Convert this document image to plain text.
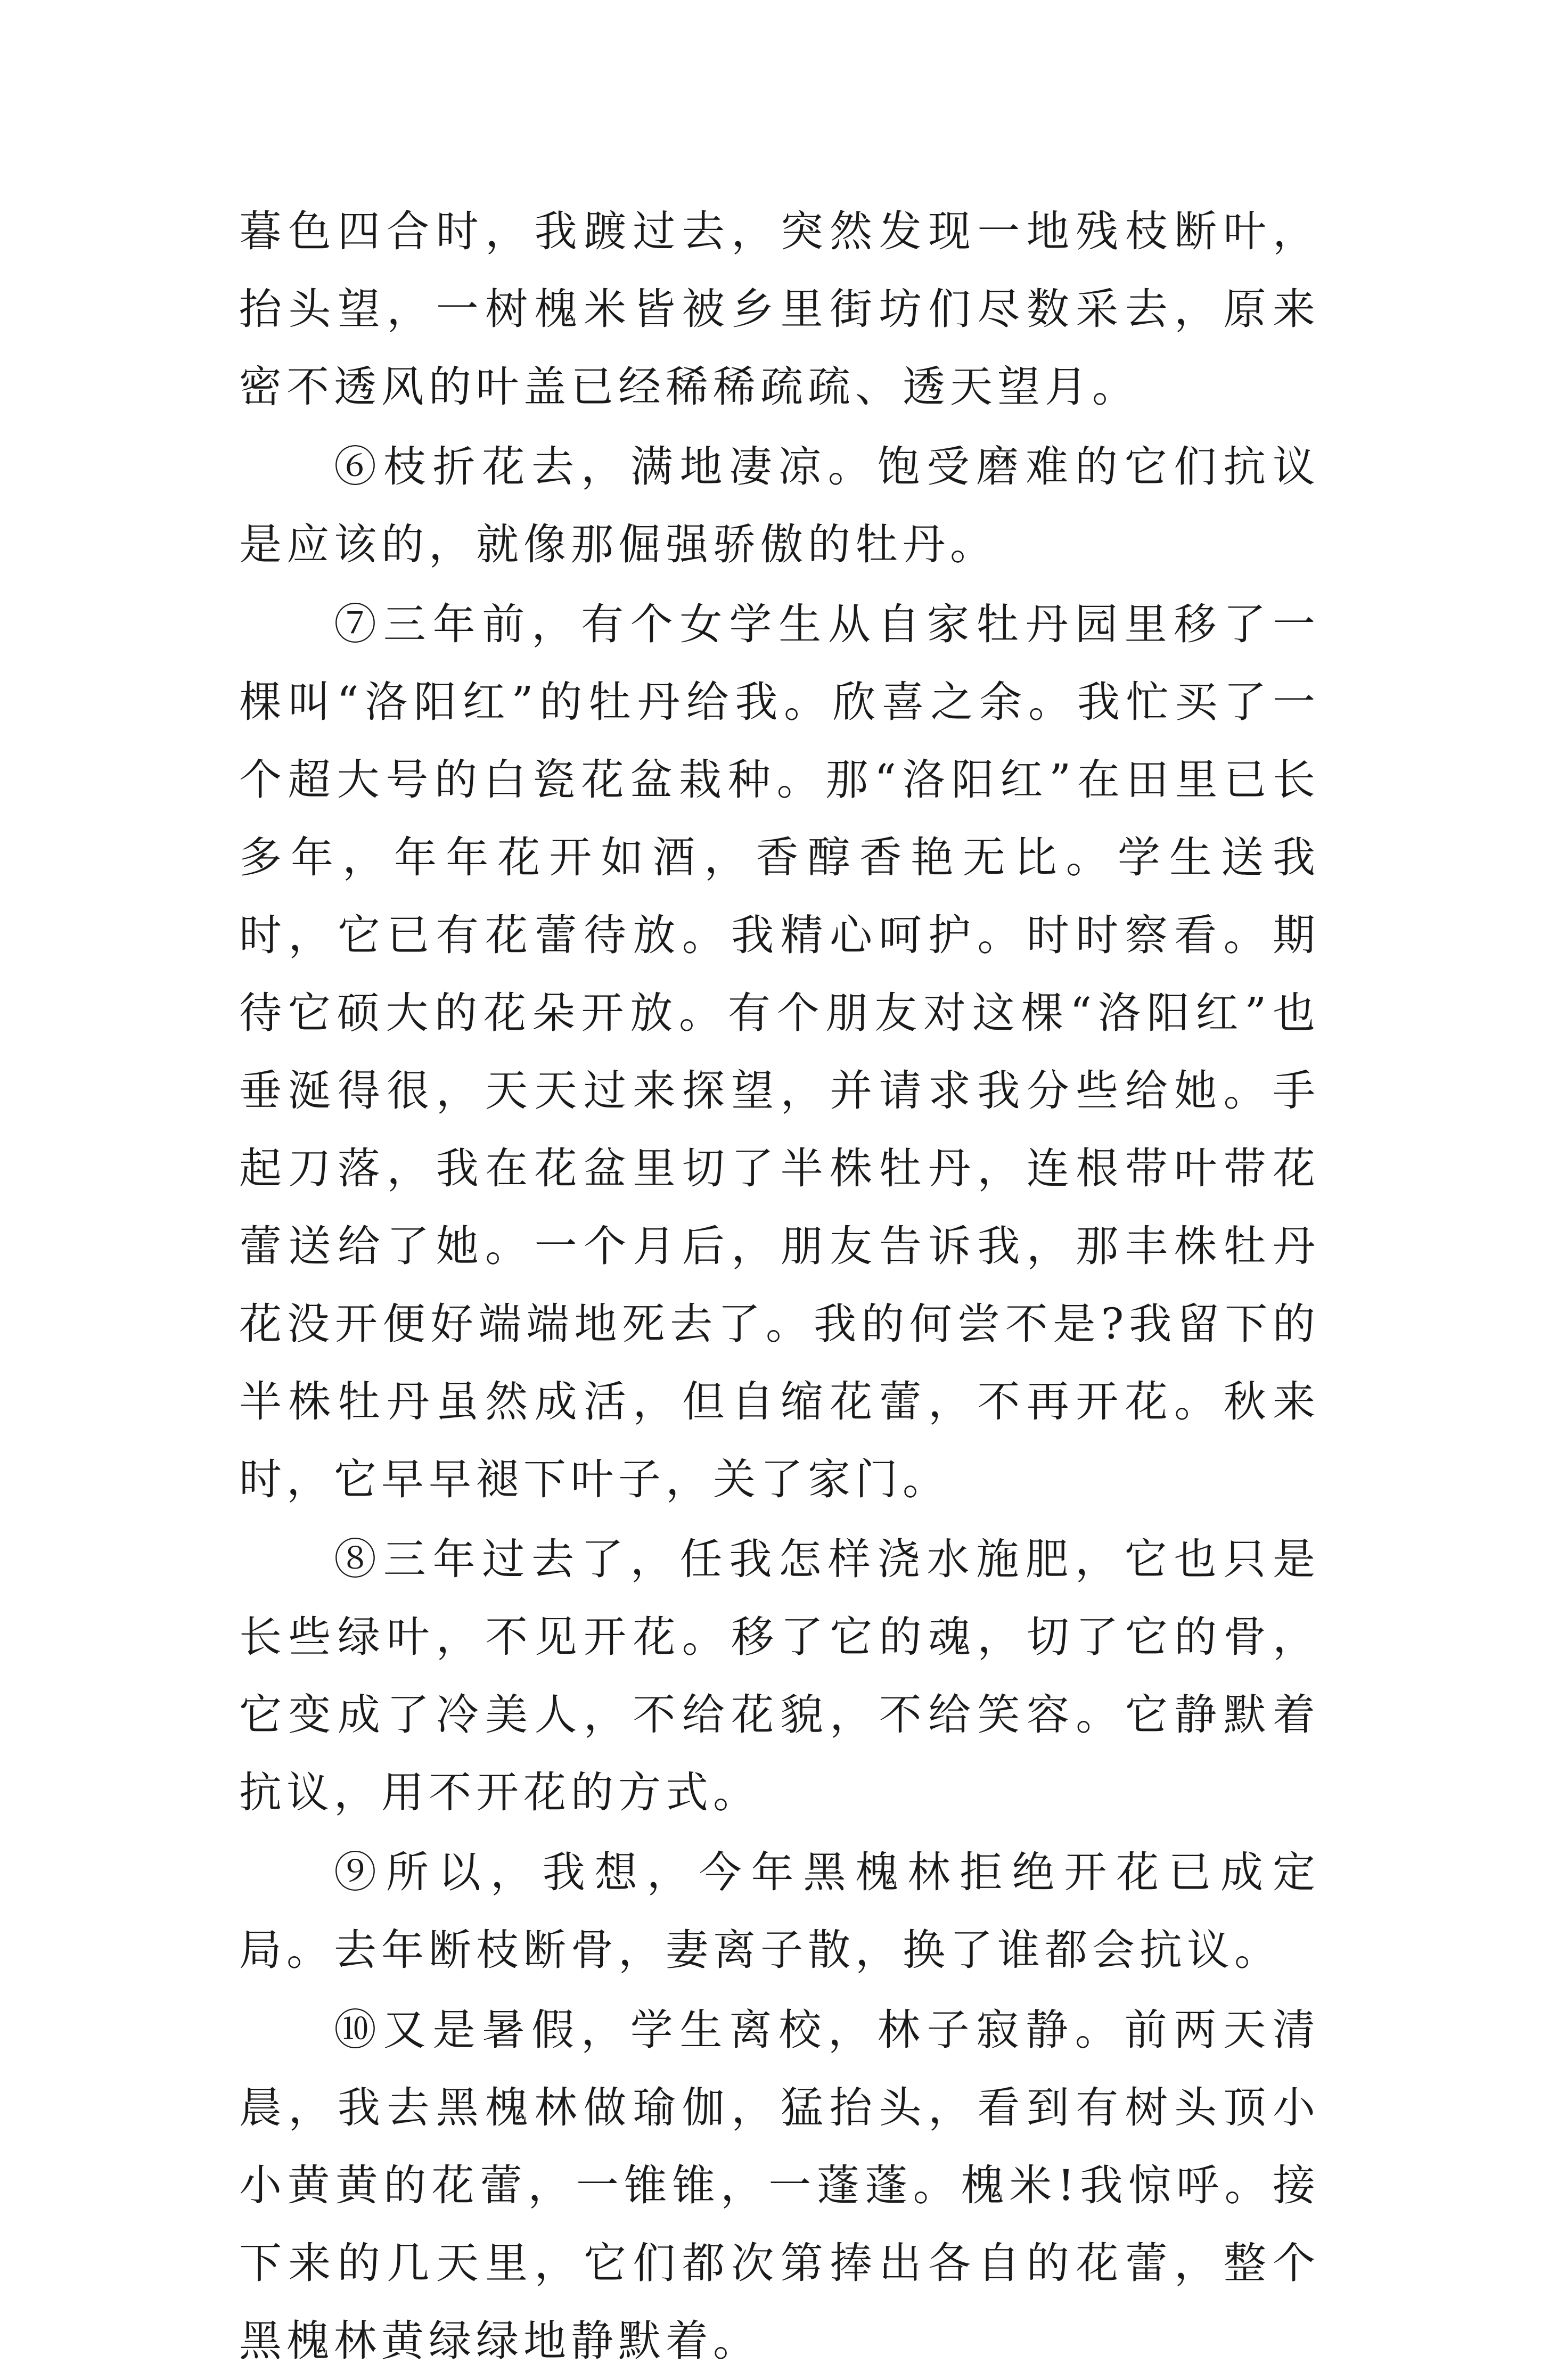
暮色四合时，我踱过去，突然发现一地残枝断叶，抬头望，一树槐米皆被乡里街坊们尽数采去，原来密不透风的叶盖已经稀稀疏疏、透天望月。

⑥枝折花去，满地凄凉。饱受磨难的它们抗议是应该的，就像那倔强骄傲的牡丹。

⑦三年前，有个女学生从自家牡丹园里移了一棵叫“洛阳红”的牡丹给我。欣喜之余。我忙买了一个超大号的白瓷花盆栽种。那“洛阳红”在田里已长多年，年年花开如酒，香醇香艳无比。学生送我时，它已有花蕾待放。我精心呵护。时时察看。期待它硕大的花朵开放。有个朋友对这棵“洛阳红”也垂涎得很，天天过来探望，并请求我分些给她。手起刀落，我在花盆里切了半株牡丹，连根带叶带花蕾送给了她。一个月后，朋友告诉我，那丰株牡丹花没开便好端端地死去了。我的何尝不是?我留下的半株牡丹虽然成活，但自缩花蕾，不再开花。秋来时，它早早褪下叶子，关了家门。

⑧三年过去了，任我怎样浇水施肥，它也只是长些绿叶，不见开花。移了它的魂，切了它的骨，它变成了冷美人，不给花貌，不给笑容。它静默着抗议，用不开花的方式。

⑨所以，我想，今年黑槐林拒绝开花已成定局。去年断枝断骨，妻离子散，换了谁都会抗议。

⑩又是暑假，学生离校，林子寂静。前两天清晨，我去黑槐林做瑜伽，猛抬头，看到有树头顶小小黄黄的花蕾，一锥锥，一蓬蓬。槐米!我惊呼。接下来的几天里，它们都次第捧出各自的花蕾，整个黑槐林黄绿绿地静默着。
